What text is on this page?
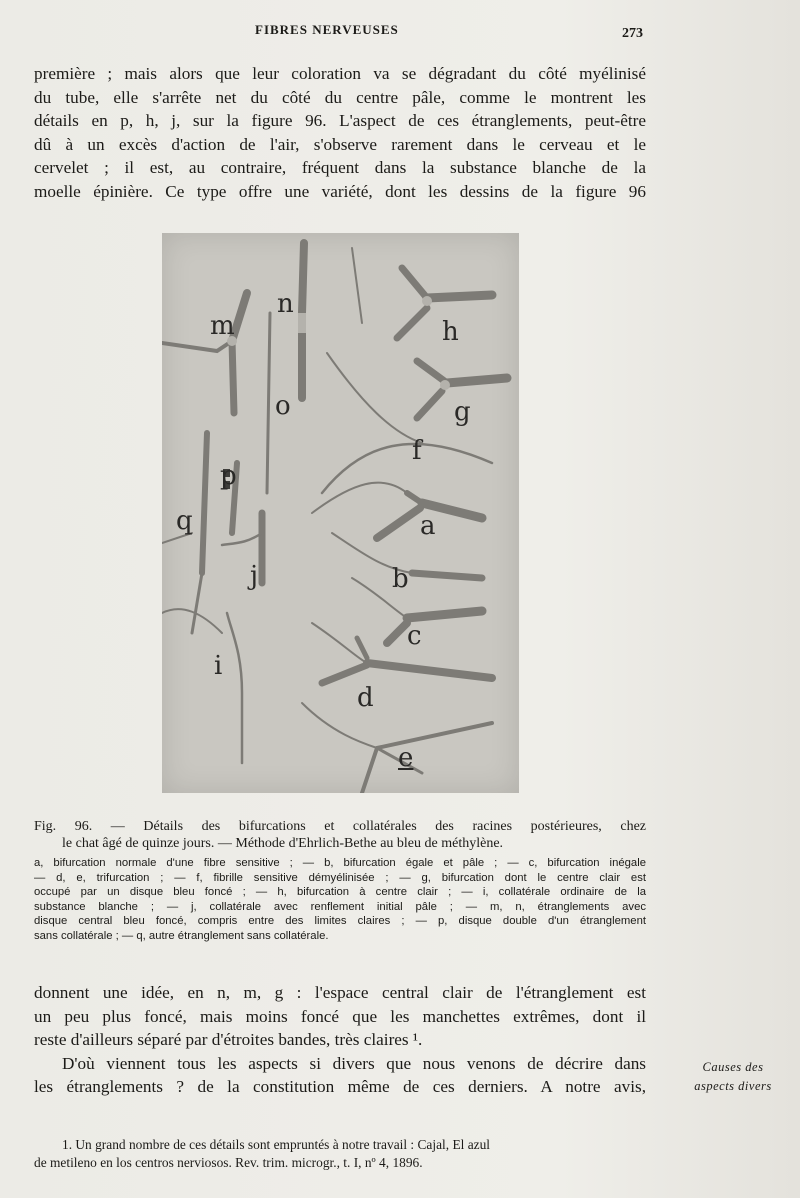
FIBRES NERVEUSES	273
première ; mais alors que leur coloration va se dégradant du côté myélinisé
du tube, elle s'arrête net du côté du centre pâle, comme le montrent les
détails en p, h, j, sur la figure 96. L'aspect de ces étranglements, peut-être
dû à un excès d'action de l'air, s'observe rarement dans le cerveau et le
cervelet ; il est, au contraire, fréquent dans la substance blanche de la
moelle épinière. Ce type offre une variété, dont les dessins de la figure 96
m
n
h
g
o
f
p
q	a
j	b
c
i
d
e
Fig. 96. — Détails des bifurcations et collatérales des racines postérieures, chez
le chat âgé de quinze jours. — Méthode d'Ehrlich-Bethe au bleu de méthylène.
a, bifurcation normale d'une fibre sensitive ; — b, bifurcation égale et pâle ; — c, bifurcation inégale
— d, e, trifurcation ; — f, fibrille sensitive démyélinisée ; — g, bifurcation dont le centre clair est
occupé par un disque bleu foncé ; — h, bifurcation à centre clair ; — i, collatérale ordinaire de la
substance blanche ; — j, collatérale avec renflement initial pâle ; — m, n, étranglements avec
disque central bleu foncé, compris entre des limites claires ; — p, disque double d'un étranglement
sans collatérale ; — q, autre étranglement sans collatérale.
donnent une idée, en n, m, g : l'espace central clair de l'étranglement est
un peu plus foncé, mais moins foncé que les manchettes extrêmes, dont il
reste d'ailleurs séparé par d'étroites bandes, très claires ¹.
D'où viennent tous les aspects si divers que nous venons de décrire dans
les étranglements ? de la constitution même de ces derniers. A notre avis,
Causes des
aspects divers
1. Un grand nombre de ces détails sont empruntés à notre travail : Cajal, El azul
de metileno en los centros nerviosos. Rev. trim. microgr., t. I, nº 4, 1896.
